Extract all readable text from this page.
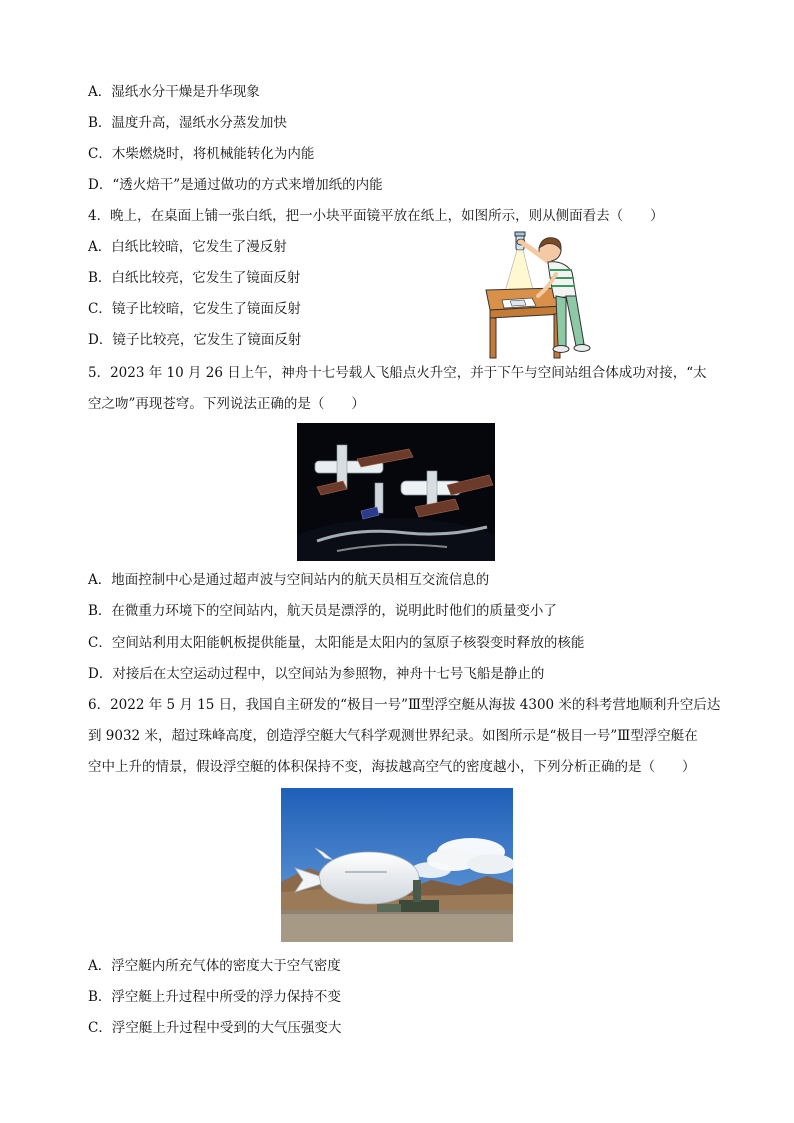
A．湿纸水分干燥是升华现象
B．温度升高，湿纸水分蒸发加快
C．木柴燃烧时，将机械能转化为内能
D．“透火焙干”是通过做功的方式来增加纸的内能
4．晚上，在桌面上铺一张白纸，把一小块平面镜平放在纸上，如图所示，则从侧面看去（　　）
A．白纸比较暗，它发生了漫反射
B．白纸比较亮，它发生了镜面反射
C．镜子比较暗，它发生了镜面反射
D．镜子比较亮，它发生了镜面反射
5．2023 年 10 月 26 日上午，神舟十七号载人飞船点火升空，并于下午与空间站组合体成功对接，“太
空之吻”再现苍穹。下列说法正确的是（　　）
A．地面控制中心是通过超声波与空间站内的航天员相互交流信息的
B．在微重力环境下的空间站内，航天员是漂浮的，说明此时他们的质量变小了
C．空间站利用太阳能帆板提供能量，太阳能是太阳内的氢原子核裂变时释放的核能
D．对接后在太空运动过程中，以空间站为参照物，神舟十七号飞船是静止的
6．2022 年 5 月 15 日，我国自主研发的“极目一号”Ⅲ型浮空艇从海拔 4300 米的科考营地顺利升空后达
到 9032 米，超过珠峰高度，创造浮空艇大气科学观测世界纪录。如图所示是“极目一号”Ⅲ型浮空艇在
空中上升的情景，假设浮空艇的体积保持不变，海拔越高空气的密度越小，下列分析正确的是（　　）
A．浮空艇内所充气体的密度大于空气密度
B．浮空艇上升过程中所受的浮力保持不变
C．浮空艇上升过程中受到的大气压强变大
